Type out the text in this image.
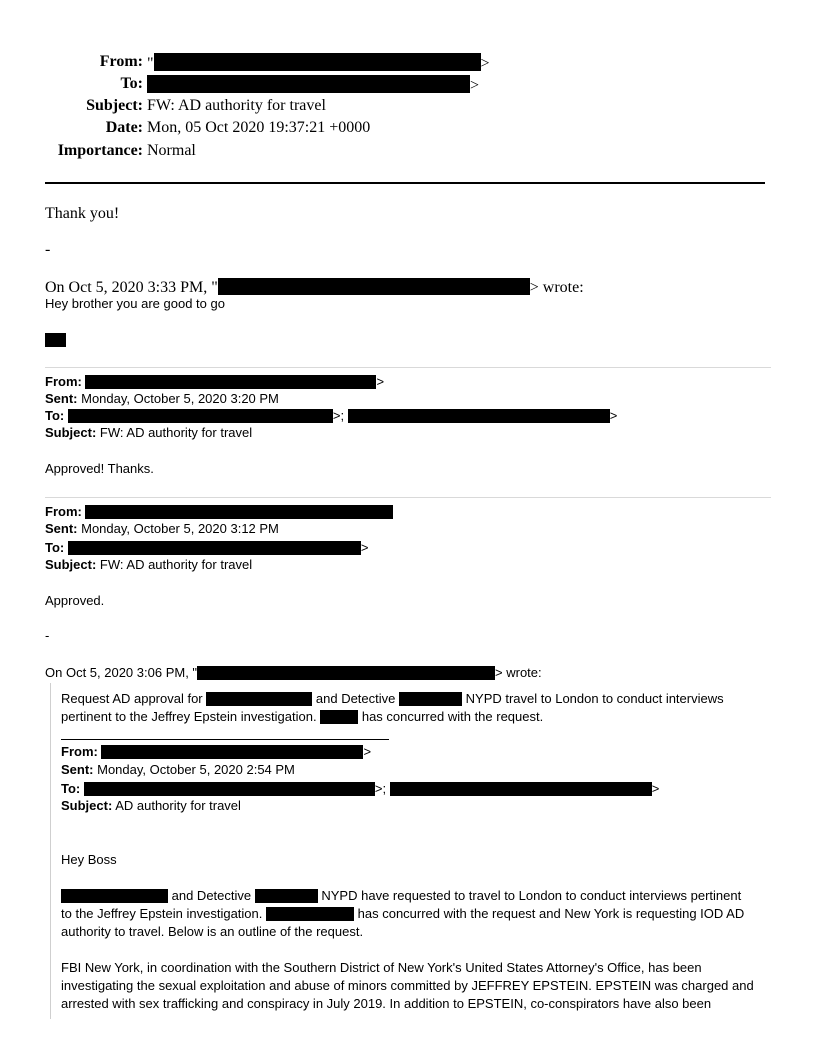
From: "	>
To:	>
Subject: FW: AD authority for travel
Date: Mon, 05 Oct 2020 19:37:21 +0000
Importance: Normal
Thank you!
-
On Oct 5, 2020 3:33 PM, "	> wrote:
Hey brother you are good to go
From:	>
Sent: Monday, October 5, 2020 3:20 PM
To:	>;	>
Subject: FW: AD authority for travel
Approved! Thanks.
From:
Sent: Monday, October 5, 2020 3:12 PM
To:	>
Subject: FW: AD authority for travel
Approved.
-
On Oct 5, 2020 3:06 PM, "	> wrote:
Request AD approval for	and Detective	NYPD travel to London to conduct interviews
pertinent to the Jeffrey Epstein investigation.	has concurred with the request.
From:	>
Sent: Monday, October 5, 2020 2:54 PM
To:	>;	>
Subject: AD authority for travel
Hey Boss
and Detective	NYPD have requested to travel to London to conduct interviews pertinent
to the Jeffrey Epstein investigation.	has concurred with the request and New York is requesting IOD AD
authority to travel. Below is an outline of the request.
FBI New York, in coordination with the Southern District of New York's United States Attorney's Office, has been
investigating the sexual exploitation and abuse of minors committed by JEFFREY EPSTEIN. EPSTEIN was charged and
arrested with sex trafficking and conspiracy in July 2019. In addition to EPSTEIN, co-conspirators have also been
